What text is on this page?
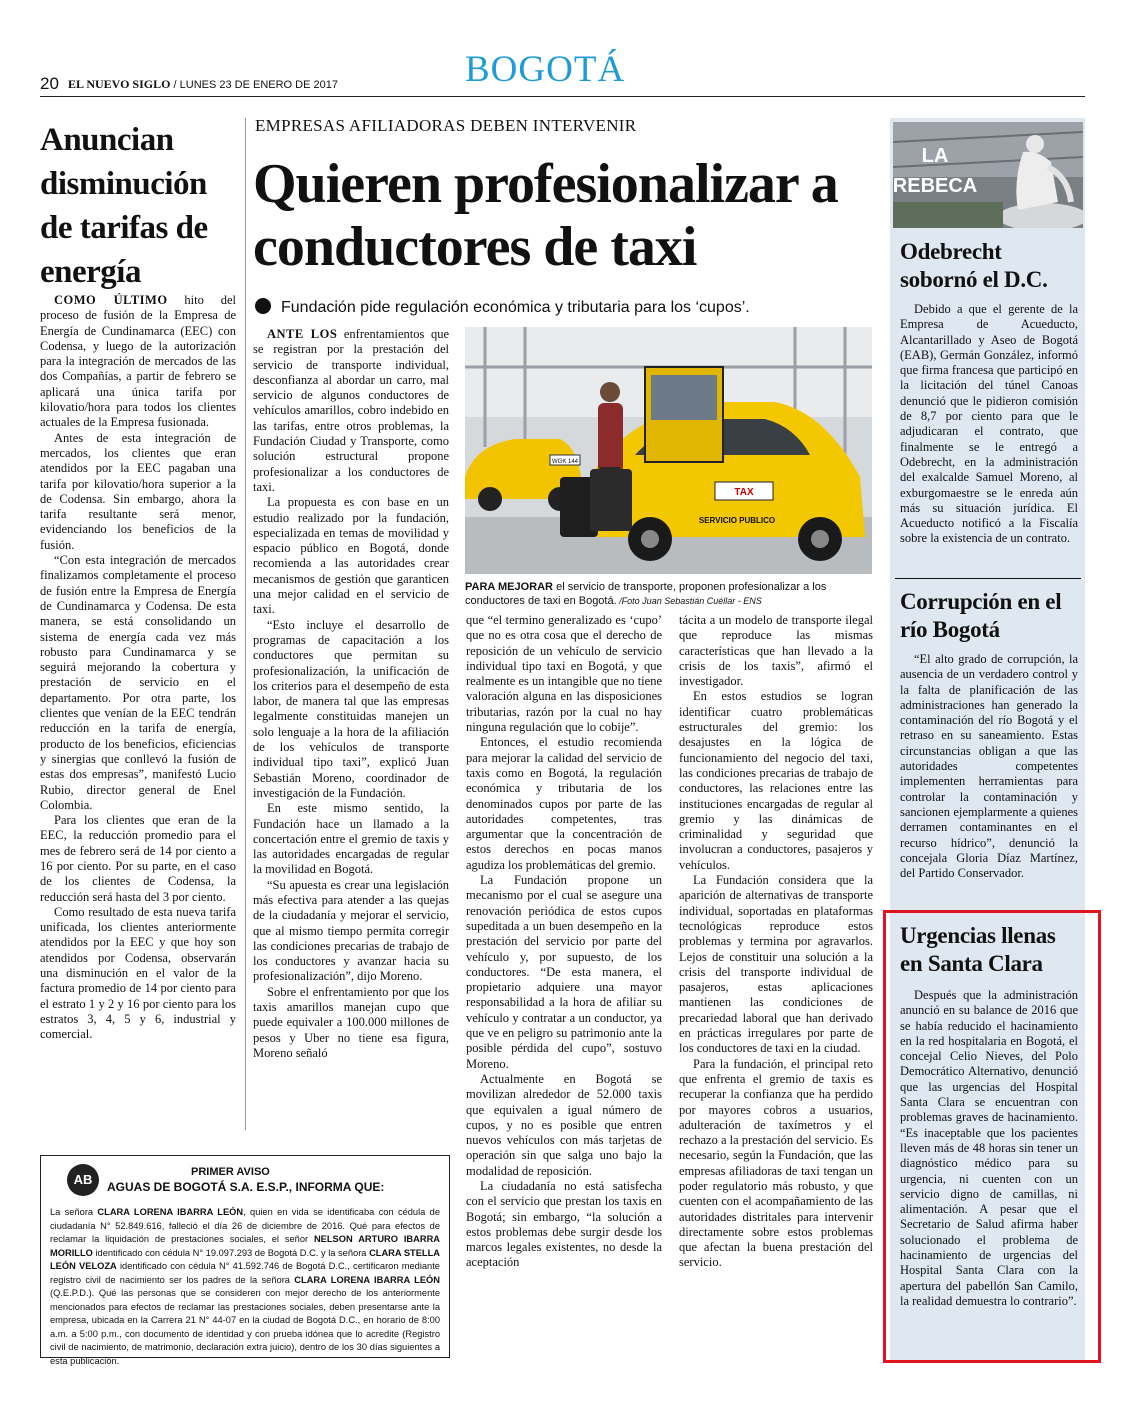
20 EL NUEVO SIGLO / LUNES 23 DE ENERO DE 2017	BOGOTÁ
Anuncian disminución de tarifas de energía

COMO ÚLTIMO hito del proceso de fusión de la Empresa de Energía de Cundinamarca (EEC) con Codensa, y luego de la autorización para la integración de mercados de las dos Compañías, a partir de febrero se aplicará una única tarifa por kilovatio/hora para todos los clientes actuales de la Empresa fusionada.

Antes de esta integración de mercados, los clientes que eran atendidos por la EEC pagaban una tarifa por kilovatio/hora superior a la de Codensa. Sin embargo, ahora la tarifa resultante será menor, evidenciando los beneficios de la fusión.

“Con esta integración de mercados finalizamos completamente el proceso de fusión entre la Empresa de Energía de Cundinamarca y Codensa. De esta manera, se está consolidando un sistema de energía cada vez más robusto para Cundinamarca y se seguirá mejorando la cobertura y prestación de servicio en el departamento. Por otra parte, los clientes que venían de la EEC tendrán reducción en la tarifa de energía, producto de los beneficios, eficiencias y sinergias que conllevó la fusión de estas dos empresas”, manifestó Lucio Rubio, director general de Enel Colombia.

Para los clientes que eran de la EEC, la reducción promedio para el mes de febrero será de 14 por ciento a 16 por ciento. Por su parte, en el caso de los clientes de Codensa, la reducción será hasta del 3 por ciento.

Como resultado de esta nueva tarifa unificada, los clientes anteriormente atendidos por la EEC y que hoy son atendidos por Codensa, observarán una disminución en el valor de la factura promedio de 14 por ciento para el estrato 1 y 2 y 16 por ciento para los estratos 3, 4, 5 y 6, industrial y comercial.

EMPRESAS AFILIADORAS DEBEN INTERVENIR
Quieren profesionalizar a conductores de taxi
Fundación pide regulación económica y tributaria para los ‘cupos’.

ANTE LOS enfrentamientos que se registran por la prestación del servicio de transporte individual, desconfianza al abordar un carro, mal servicio de algunos conductores de vehículos amarillos, cobro indebido en las tarifas, entre otros problemas, la Fundación Ciudad y Transporte, como solución estructural propone profesionalizar a los conductores de taxi.

La propuesta es con base en un estudio realizado por la fundación, especializada en temas de movilidad y espacio público en Bogotá, donde recomienda a las autoridades crear mecanismos de gestión que garanticen una mejor calidad en el servicio de taxi.

“Esto incluye el desarrollo de programas de capacitación a los conductores que permitan su profesionalización, la unificación de los criterios para el desempeño de esta labor, de manera tal que las empresas legalmente constituidas manejen un solo lenguaje a la hora de la afiliación de los vehículos de transporte individual tipo taxi”, explicó Juan Sebastián Moreno, coordinador de investigación de la Fundación.

En este mismo sentido, la Fundación hace un llamado a la concertación entre el gremio de taxis y las autoridades encargadas de regular la movilidad en Bogotá.

“Su apuesta es crear una legislación más efectiva para atender a las quejas de la ciudadanía y mejorar el servicio, que al mismo tiempo permita corregir las condiciones precarias de trabajo de los conductores y avanzar hacia su profesionalización”, dijo Moreno.

Sobre el enfrentamiento por que los taxis amarillos manejan cupo que puede equivaler a 100.000 millones de pesos y Uber no tiene esa figura, Moreno señaló

TAX
SERVICIO PUBLICO
WGK 144
PARA MEJORAR el servicio de transporte, proponen profesionalizar a los conductores de taxi en Bogotá. /Foto Juan Sebastián Cuéllar - ENS

que “el termino generalizado es ‘cupo’ que no es otra cosa que el derecho de reposición de un vehículo de servicio individual tipo taxi en Bogotá, y que realmente es un intangible que no tiene valoración alguna en las disposiciones tributarias, razón por la cual no hay ninguna regulación que lo cobije”.

Entonces, el estudio recomienda para mejorar la calidad del servicio de taxis como en Bogotá, la regulación económica y tributaria de los denominados cupos por parte de las autoridades competentes, tras argumentar que la concentración de estos derechos en pocas manos agudiza los problemáticas del gremio.

La Fundación propone un mecanismo por el cual se asegure una renovación periódica de estos cupos supeditada a un buen desempeño en la prestación del servicio por parte del vehículo y, por supuesto, de los conductores. “De esta manera, el propietario adquiere una mayor responsabilidad a la hora de afiliar su vehículo y contratar a un conductor, ya que ve en peligro su patrimonio ante la posible pérdida del cupo”, sostuvo Moreno.

Actualmente en Bogotá se movilizan alrededor de 52.000 taxis que equivalen a igual número de cupos, y no es posible que entren nuevos vehículos con más tarjetas de operación sin que salga uno bajo la modalidad de reposición.

La ciudadanía no está satisfecha con el servicio que prestan los taxis en Bogotá; sin embargo, “la solución a estos problemas debe surgir desde los marcos legales existentes, no desde la aceptación

tácita a un modelo de transporte ilegal que reproduce las mismas características que han llevado a la crisis de los taxis”, afirmó el investigador.

En estos estudios se logran identificar cuatro problemáticas estructurales del gremio: los desajustes en la lógica de funcionamiento del negocio del taxi, las condiciones precarias de trabajo de conductores, las relaciones entre las instituciones encargadas de regular al gremio y las dinámicas de criminalidad y seguridad que involucran a conductores, pasajeros y vehículos.

La Fundación considera que la aparición de alternativas de transporte individual, soportadas en plataformas tecnológicas reproduce estos problemas y termina por agravarlos. Lejos de constituir una solución a la crisis del transporte individual de pasajeros, estas aplicaciones mantienen las condiciones de precariedad laboral que han derivado en prácticas irregulares por parte de los conductores de taxi en la ciudad.

Para la fundación, el principal reto que enfrenta el gremio de taxis es recuperar la confianza que ha perdido por mayores cobros a usuarios, adulteración de taxímetros y el rechazo a la prestación del servicio. Es necesario, según la Fundación, que las empresas afiliadoras de taxi tengan un poder regulatorio más robusto, y que cuenten con el acompañamiento de las autoridades distritales para intervenir directamente sobre estos problemas que afectan la buena prestación del servicio.

AB	PRIMER AVISO
AGUAS DE BOGOTÁ S.A. E.S.P., INFORMA QUE:
La señora CLARA LORENA IBARRA LEÓN, quien en vida se identificaba con cédula de ciudadanía N° 52.849.616, falleció el día 26 de diciembre de 2016. Qué para efectos de reclamar la liquidación de prestaciones sociales, el señor NELSON ARTURO IBARRA MORILLO identificado con cédula N° 19.097.293 de Bogotá D.C. y la señora CLARA STELLA LEÓN VELOZA identificado con cédula N° 41.592.746 de Bogotá D.C., certificaron mediante registro civil de nacimiento ser los padres de la señora CLARA LORENA IBARRA LEÓN (Q.E.P.D.). Qué las personas que se consideren con mejor derecho de los anteriormente mencionados para efectos de reclamar las prestaciones sociales, deben presentarse ante la empresa, ubicada en la Carrera 21 N° 44-07 en la ciudad de Bogotá D.C., en horario de 8:00 a.m. a 5:00 p.m., con documento de identidad y con prueba idónea que lo acredite (Registro civil de nacimiento, de matrimonio, declaración extra juicio), dentro de los 30 días siguientes a esta publicación.
LA
REBECA
Odebrecht sobornó el D.C.

Debido a que el gerente de la Empresa de Acueducto, Alcantarillado y Aseo de Bogotá (EAB), Germán González, informó que firma francesa que participó en la licitación del túnel Canoas denunció que le pidieron comisión de 8,7 por ciento para que le adjudicaran el contrato, que finalmente se le entregó a Odebrecht, en la administración del exalcalde Samuel Moreno, al exburgomaestre se le enreda aún más su situación jurídica. El Acueducto notificó a la Fiscalía sobre la existencia de un contrato.

Corrupción en el río Bogotá

“El alto grado de corrupción, la ausencia de un verdadero control y la falta de planificación de las administraciones han generado la contaminación del río Bogotá y el retraso en su saneamiento. Estas circunstancias obligan a que las autoridades competentes implementen herramientas para controlar la contaminación y sancionen ejemplarmente a quienes derramen contaminantes en el recurso hídrico”, denunció la concejala Gloria Díaz Martínez, del Partido Conservador.

Urgencias llenas en Santa Clara

Después que la administración anunció en su balance de 2016 que se había reducido el hacinamiento en la red hospitalaria en Bogotá, el concejal Celio Nieves, del Polo Democrático Alternativo, denunció que las urgencias del Hospital Santa Clara se encuentran con problemas graves de hacinamiento. “Es inaceptable que los pacientes lleven más de 48 horas sin tener un diagnóstico médico para su urgencia, ni cuenten con un servicio digno de camillas, ni alimentación. A pesar que el Secretario de Salud afirma haber solucionado el problema de hacinamiento de urgencias del Hospital Santa Clara con la apertura del pabellón San Camilo, la realidad demuestra lo contrario”.
